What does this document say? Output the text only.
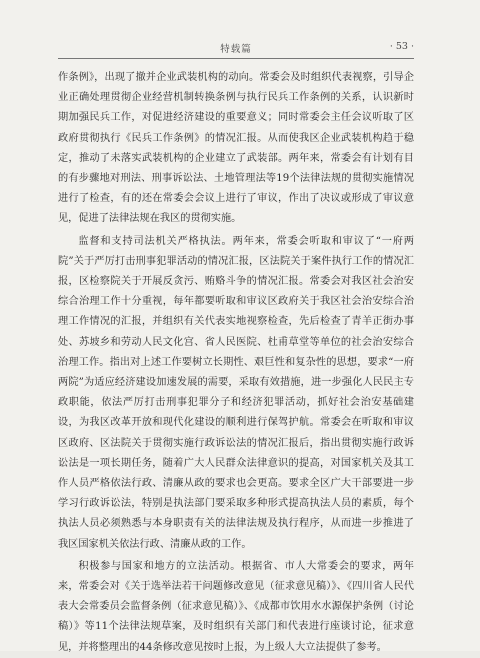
特载篇	· 53 ·

作条例》，出现了撤并企业武装机构的动向。常委会及时组织代表视察，引导企业正确处理贯彻企业经营机制转换条例与执行民兵工作条例的关系，认识新时期加强民兵工作，对促进经济建设的重要意义；同时常委会主任会议听取了区政府贯彻执行《民兵工作条例》的情况汇报。从而使我区企业武装机构趋于稳定，推动了未落实武装机构的企业建立了武装部。两年来，常委会有计划有目的有步骤地对刑法、刑事诉讼法、土地管理法等19个法律法规的贯彻实施情况进行了检查，有的还在常委会会议上进行了审议，作出了决议或形成了审议意见，促进了法律法规在我区的贯彻实施。

监督和支持司法机关严格执法。两年来，常委会听取和审议了“一府两院”关于严厉打击刑事犯罪活动的情况汇报，区法院关于案件执行工作的情况汇报，区检察院关于开展反贪污、贿赂斗争的情况汇报。常委会对我区社会治安综合治理工作十分重视，每年都要听取和审议区政府关于我区社会治安综合治理工作情况的汇报，并组织有关代表实地视察检查，先后检查了青羊正街办事处、苏坡乡和劳动人民文化宫、省人民医院、杜甫草堂等单位的社会治安综合治理工作。指出对上述工作要树立长期性、艰巨性和复杂性的思想，要求“一府两院”为适应经济建设加速发展的需要，采取有效措施，进一步强化人民民主专政职能，依法严厉打击刑事犯罪分子和经济犯罪活动，抓好社会治安基础建设，为我区改革开放和现代化建设的顺利进行保驾护航。常委会在听取和审议区政府、区法院关于贯彻实施行政诉讼法的情况汇报后，指出贯彻实施行政诉讼法是一项长期任务，随着广大人民群众法律意识的提高，对国家机关及其工作人员严格依法行政、清廉从政的要求也会更高。要求全区广大干部要进一步学习行政诉讼法，特别是执法部门要采取多种形式提高执法人员的素质，每个执法人员必须熟悉与本身职责有关的法律法规及执行程序，从而进一步推进了我区国家机关依法行政、清廉从政的工作。

积极参与国家和地方的立法活动。根据省、市人大常委会的要求，两年来，常委会对《关于选举法若干问题修改意见（征求意见稿）》、《四川省人民代表大会常委员会监督条例（征求意见稿）》、《成都市饮用水水源保护条例（讨论稿）》等11个法律法规草案，及时组织有关部门和代表进行座谈讨论，征求意见，并将整理出的44条修改意见按时上报，为上级人大立法提供了参考。
